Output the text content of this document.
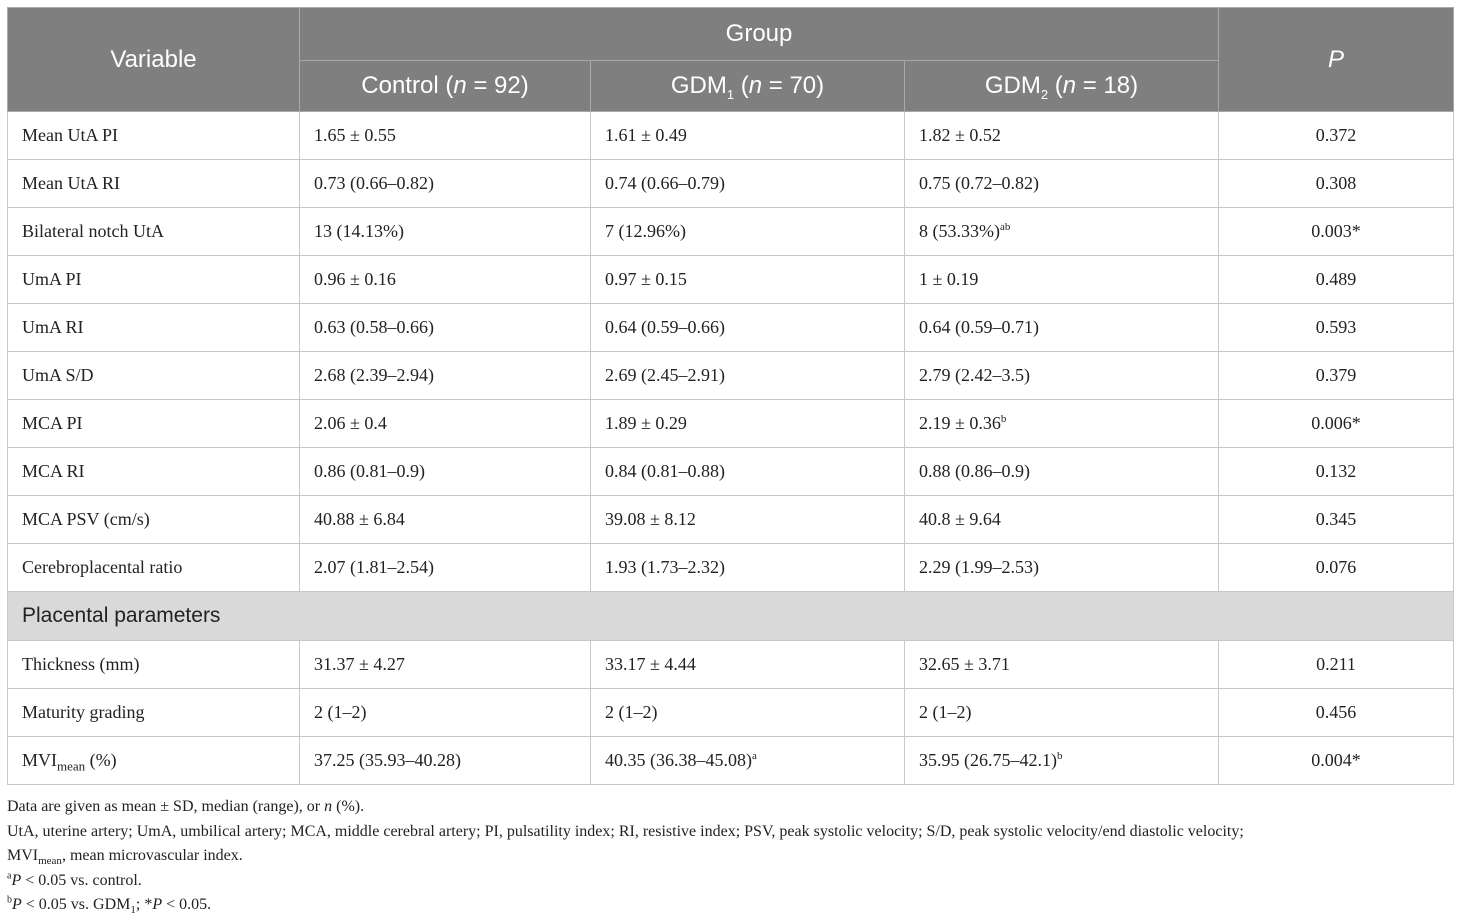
Variable	Group			P
	Control (n = 92)	$GDM_1$ (n = 70)	$GDM_2$ (n = 18)	
Mean UtA PI	1.65 ± 0.55	1.61 ± 0.49	1.82 ± 0.52	0.372
Mean UtA RI	0.73 (0.66–0.82)	0.74 (0.66–0.79)	0.75 (0.72–0.82)	0.308
Bilateral notch UtA	13 (14.13%)	7 (12.96%)	8 $(53.33\%)^{ab}$	0.003*
UmA PI	0.96 ± 0.16	0.97 ± 0.15	1 ± 0.19	0.489
UmA RI	0.63 (0.58–0.66)	0.64 (0.59–0.66)	0.64 (0.59–0.71)	0.593
UmA S/D	2.68 (2.39–2.94)	2.69 (2.45–2.91)	2.79 (2.42–3.5)	0.379
MCA PI	2.06 ± 0.4	1.89 ± 0.29	2.19 ± 0.36$^b$	0.006*
MCA RI	0.86 (0.81–0.9)	0.84 (0.81–0.88)	0.88 (0.86–0.9)	0.132
MCA PSV (cm/s)	40.88 ± 6.84	39.08 ± 8.12	40.8 ± 9.64	0.345
Cerebroplacental ratio	2.07 (1.81–2.54)	1.93 (1.73–2.32)	2.29 (1.99–2.53)	0.076
Placental parameters				
Thickness (mm)	31.37 ± 4.27	33.17 ± 4.44	32.65 ± 3.71	0.211
Maturity grading	2 (1–2)	2 (1–2)	2 (1–2)	0.456
$MVI_{mean}$ (%)	37.25 (35.93–40.28)	40.35 $(36.38-45.08)^a$	35.95 $(26.75-42.1)^b$	0.004*
Data are given as mean ± SD, median (range), or n (%).
UtA, uterine artery; UmA, umbilical artery; MCA, middle cerebral artery; PI, pulsatility index; RI, resistive index; PSV, peak systolic velocity; S/D, peak systolic velocity/end diastolic velocity;
$MVI_{mean}$, mean microvascular index.
$^a$P < 0.05 vs. control.
$^b$P < 0.05 vs. $GDM_1$; *P < 0.05.
